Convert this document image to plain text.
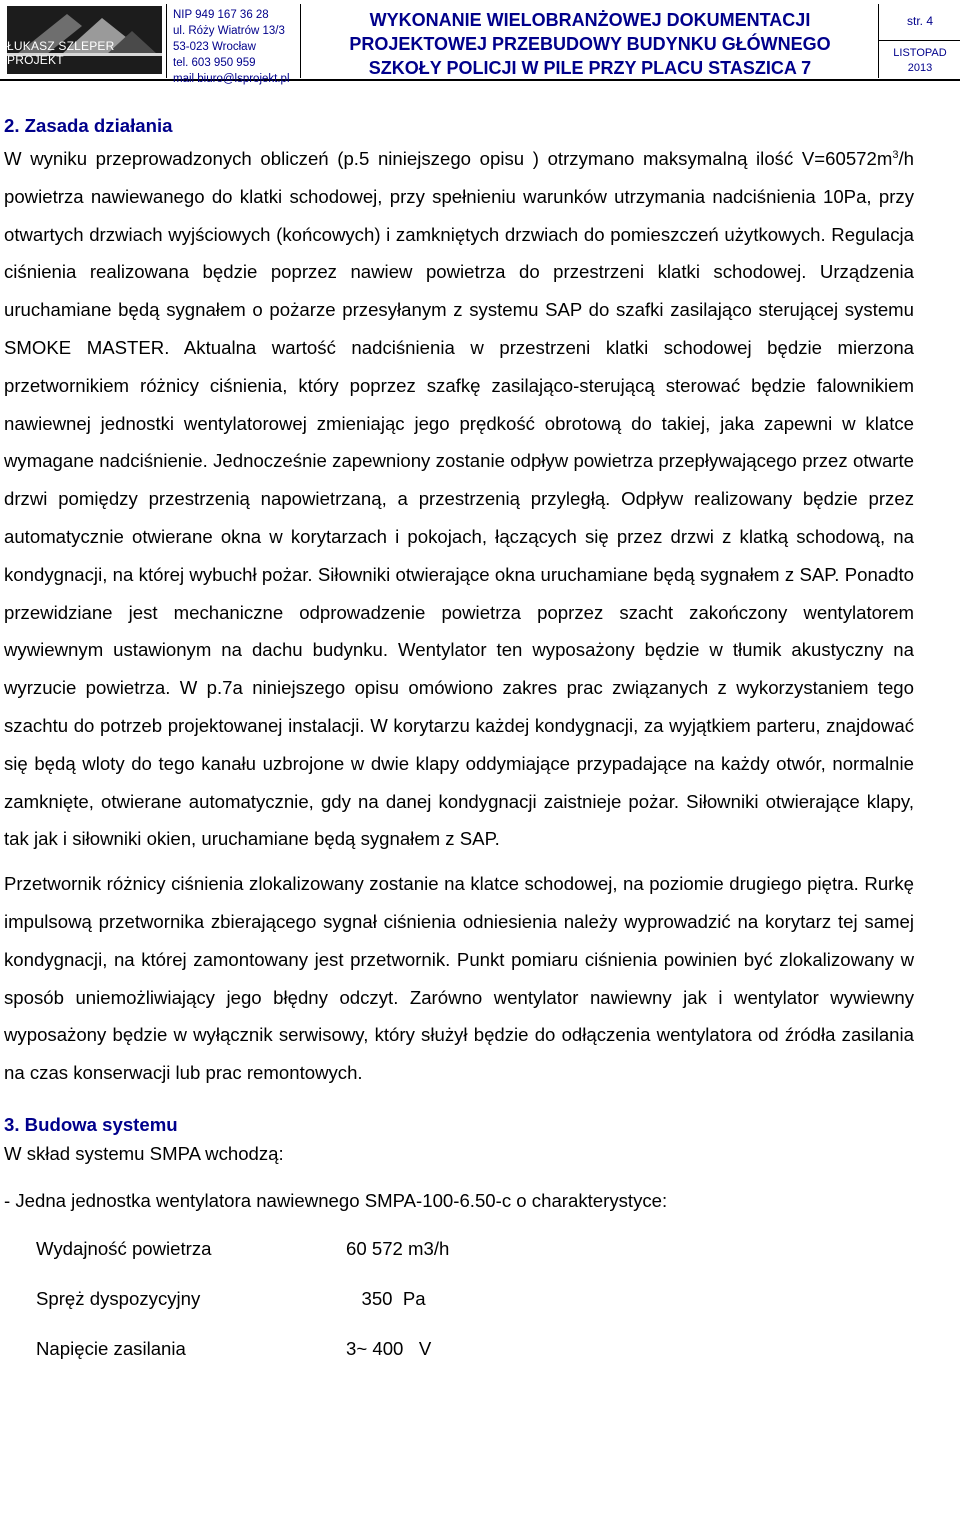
ŁUKASZ SZLEPER PROJEKT
NIP 949 167 36 28
ul. Róży Wiatrów 13/3
53-023 Wrocław
tel. 603 950 959
mail biuro@lsprojekt.pl
WYKONANIE WIELOBRANŻOWEJ DOKUMENTACJI
PROJEKTOWEJ PRZEBUDOWY BUDYNKU GŁÓWNEGO
SZKOŁY POLICJI W PILE PRZY PLACU STASZICA 7
str. 4
LISTOPAD
2013
2. Zasada działania

W wyniku przeprowadzonych obliczeń (p.5 niniejszego opisu ) otrzymano maksymalną ilość $V=60572m^3/h$ powietrza nawiewanego do klatki schodowej, przy spełnieniu warunków utrzymania nadciśnienia 10Pa, przy otwartych drzwiach wyjściowych (końcowych) i zamkniętych drzwiach do pomieszczeń użytkowych. Regulacja ciśnienia realizowana będzie poprzez nawiew powietrza do przestrzeni klatki schodowej. Urządzenia uruchamiane będą sygnałem o pożarze przesyłanym z systemu SAP do szafki zasilająco sterującej systemu SMOKE MASTER. Aktualna wartość nadciśnienia w przestrzeni klatki schodowej będzie mierzona przetwornikiem różnicy ciśnienia, który poprzez szafkę zasilająco-sterującą sterować będzie falownikiem nawiewnej jednostki wentylatorowej zmieniając jego prędkość obrotową do takiej, jaka zapewni w klatce wymagane nadciśnienie. Jednocześnie zapewniony zostanie odpływ powietrza przepływającego przez otwarte drzwi pomiędzy przestrzenią napowietrzaną, a przestrzenią przyległą. Odpływ realizowany będzie przez automatycznie otwierane okna w korytarzach i pokojach, łączących się przez drzwi z klatką schodową, na kondygnacji, na której wybuchł pożar. Siłowniki otwierające okna uruchamiane będą sygnałem z SAP. Ponadto przewidziane jest mechaniczne odprowadzenie powietrza poprzez szacht zakończony wentylatorem wywiewnym ustawionym na dachu budynku. Wentylator ten wyposażony będzie w tłumik akustyczny na wyrzucie powietrza. W p.7a niniejszego opisu omówiono zakres prac związanych z wykorzystaniem tego szachtu do potrzeb projektowanej instalacji. W korytarzu każdej kondygnacji, za wyjątkiem parteru, znajdować się będą wloty do tego kanału uzbrojone w dwie klapy oddymiające przypadające na każdy otwór, normalnie zamknięte, otwierane automatycznie, gdy na danej kondygnacji zaistnieje pożar. Siłowniki otwierające klapy, tak jak i siłowniki okien, uruchamiane będą sygnałem z SAP.

Przetwornik różnicy ciśnienia zlokalizowany zostanie na klatce schodowej, na poziomie drugiego piętra. Rurkę impulsową przetwornika zbierającego sygnał ciśnienia odniesienia należy wyprowadzić na korytarz tej samej kondygnacji, na której zamontowany jest przetwornik. Punkt pomiaru ciśnienia powinien być zlokalizowany w sposób uniemożliwiający jego błędny odczyt. Zarówno wentylator nawiewny jak i wentylator wywiewny wyposażony będzie w wyłącznik serwisowy, który służył będzie do odłączenia wentylatora od źródła zasilania na czas konserwacji lub prac remontowych.

3. Budowa systemu

W skład systemu SMPA wchodzą:

- Jedna jednostka wentylatora nawiewnego SMPA-100-6.50-c o charakterystyce:

Wydajność powietrza	60 572 m3/h
Spręż dyspozycyjny	350  Pa
Napięcie zasilania	3~ 400   V
